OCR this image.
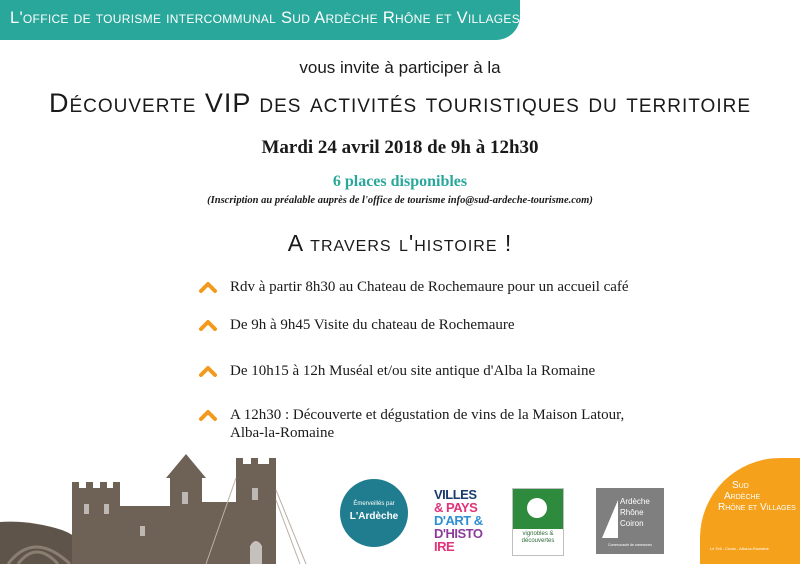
L'office de tourisme intercommunal Sud Ardèche Rhône et Villages
vous invite à participer à la
Découverte VIP des activités touristiques du territoire
Mardi 24 avril 2018 de 9h à 12h30
6 places disponibles
(Inscription au préalable auprès de l'office de tourisme info@sud-ardeche-tourisme.com)
A travers l'histoire !
Rdv à partir 8h30 au Chateau de Rochemaure pour un accueil café
De 9h à 9h45 Visite du chateau de Rochemaure
De 10h15 à 12h Muséal et/ou site antique d'Alba la Romaine
A 12h30 : Découverte et dégustation de vins de la Maison Latour,
Alba-la-Romaine
Émerveillés par
L'Ardèche
VILLES
& PAYS
D'ART &
D'HISTO
IRE
vignobles &
découvertes
Ardèche
Rhône
Coiron
Communauté de communes
Sud
Ardèche
Rhône et Villages
Le Teil - Cruas - Alba-la-Romaine
